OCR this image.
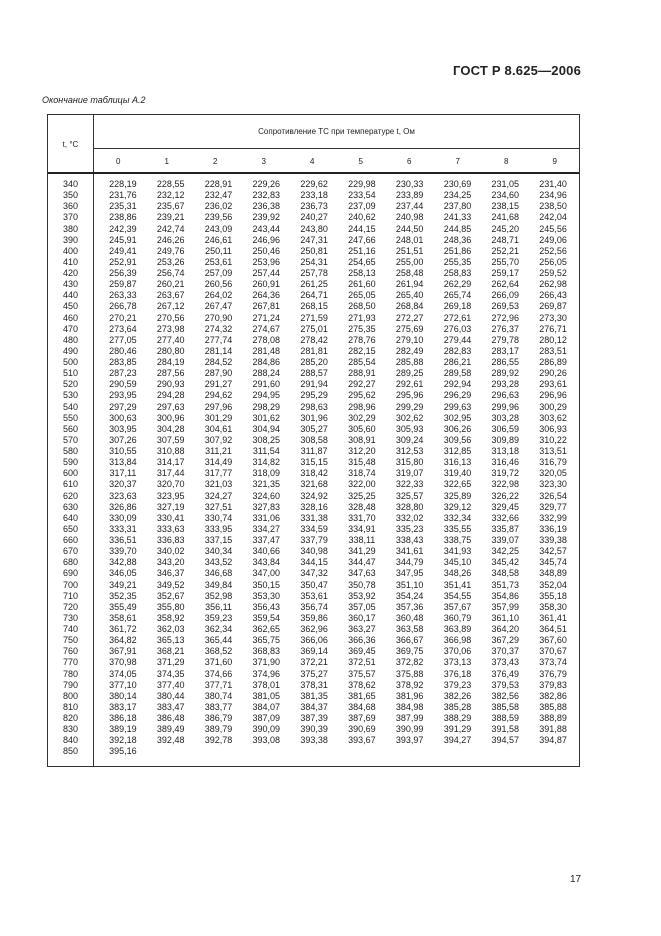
ГОСТ Р 8.625—2006
Окончание таблицы А.2
t, °C
Сопротивление ТС при температуре t, Ом
0	1	2	3	4	5	6	7	8	9
340	228,19	228,55	228,91	229,26	229,62	229,98	230,33	230,69	231,05	231,40
350	231,76	232,12	232,47	232,83	233,18	233,54	233,89	234,25	234,60	234,96
360	235,31	235,67	236,02	236,38	236,73	237,09	237,44	237,80	238,15	238,50
370	238,86	239,21	239,56	239,92	240,27	240,62	240,98	241,33	241,68	242,04
380	242,39	242,74	243,09	243,44	243,80	244,15	244,50	244,85	245,20	245,56
390	245,91	246,26	246,61	246,96	247,31	247,66	248,01	248,36	248,71	249,06
400	249,41	249,76	250,11	250,46	250,81	251,16	251,51	251,86	252,21	252,56
410	252,91	253,26	253,61	253,96	254,31	254,65	255,00	255,35	255,70	256,05
420	256,39	256,74	257,09	257,44	257,78	258,13	258,48	258,83	259,17	259,52
430	259,87	260,21	260,56	260,91	261,25	261,60	261,94	262,29	262,64	262,98
440	263,33	263,67	264,02	264,36	264,71	265,05	265,40	265,74	266,09	266,43
450	266,78	267,12	267,47	267,81	268,15	268,50	268,84	269,18	269,53	269,87
460	270,21	270,56	270,90	271,24	271,59	271,93	272,27	272,61	272,96	273,30
470	273,64	273,98	274,32	274,67	275,01	275,35	275,69	276,03	276,37	276,71
480	277,05	277,40	277,74	278,08	278,42	278,76	279,10	279,44	279,78	280,12
490	280,46	280,80	281,14	281,48	281,81	282,15	282,49	282,83	283,17	283,51
500	283,85	284,19	284,52	284,86	285,20	285,54	285,88	286,21	286,55	286,89
510	287,23	287,56	287,90	288,24	288,57	288,91	289,25	289,58	289,92	290,26
520	290,59	290,93	291,27	291,60	291,94	292,27	292,61	292,94	293,28	293,61
530	293,95	294,28	294,62	294,95	295,29	295,62	295,96	296,29	296,63	296,96
540	297,29	297,63	297,96	298,29	298,63	298,96	299,29	299,63	299,96	300,29
550	300,63	300,96	301,29	301,62	301,96	302,29	302,62	302,95	303,28	303,62
560	303,95	304,28	304,61	304,94	305,27	305,60	305,93	306,26	306,59	306,93
570	307,26	307,59	307,92	308,25	308,58	308,91	309,24	309,56	309,89	310,22
580	310,55	310,88	311,21	311,54	311,87	312,20	312,53	312,85	313,18	313,51
590	313,84	314,17	314,49	314,82	315,15	315,48	315,80	316,13	316,46	316,79
600	317,11	317,44	317,77	318,09	318,42	318,74	319,07	319,40	319,72	320,05
610	320,37	320,70	321,03	321,35	321,68	322,00	322,33	322,65	322,98	323,30
620	323,63	323,95	324,27	324,60	324,92	325,25	325,57	325,89	326,22	326,54
630	326,86	327,19	327,51	327,83	328,16	328,48	328,80	329,12	329,45	329,77
640	330,09	330,41	330,74	331,06	331,38	331,70	332,02	332,34	332,66	332,99
650	333,31	333,63	333,95	334,27	334,59	334,91	335,23	335,55	335,87	336,19
660	336,51	336,83	337,15	337,47	337,79	338,11	338,43	338,75	339,07	339,38
670	339,70	340,02	340,34	340,66	340,98	341,29	341,61	341,93	342,25	342,57
680	342,88	343,20	343,52	343,84	344,15	344,47	344,79	345,10	345,42	345,74
690	346,05	346,37	346,68	347,00	347,32	347,63	347,95	348,26	348,58	348,89
700	349,21	349,52	349,84	350,15	350,47	350,78	351,10	351,41	351,73	352,04
710	352,35	352,67	352,98	353,30	353,61	353,92	354,24	354,55	354,86	355,18
720	355,49	355,80	356,11	356,43	356,74	357,05	357,36	357,67	357,99	358,30
730	358,61	358,92	359,23	359,54	359,86	360,17	360,48	360,79	361,10	361,41
740	361,72	362,03	362,34	362,65	362,96	363,27	363,58	363,89	364,20	364,51
750	364,82	365,13	365,44	365,75	366,06	366,36	366,67	366,98	367,29	367,60
760	367,91	368,21	368,52	368,83	369,14	369,45	369,75	370,06	370,37	370,67
770	370,98	371,29	371,60	371,90	372,21	372,51	372,82	373,13	373,43	373,74
780	374,05	374,35	374,66	374,96	375,27	375,57	375,88	376,18	376,49	376,79
790	377,10	377,40	377,71	378,01	378,31	378,62	378,92	379,23	379,53	379,83
800	380,14	380,44	380,74	381,05	381,35	381,65	381,96	382,26	382,56	382,86
810	383,17	383,47	383,77	384,07	384,37	384,68	384,98	385,28	385,58	385,88
820	386,18	386,48	386,79	387,09	387,39	387,69	387,99	388,29	388,59	388,89
830	389,19	389,49	389,79	390,09	390,39	390,69	390,99	391,29	391,58	391,88
840	392,18	392,48	392,78	393,08	393,38	393,67	393,97	394,27	394,57	394,87
850	395,16
17
